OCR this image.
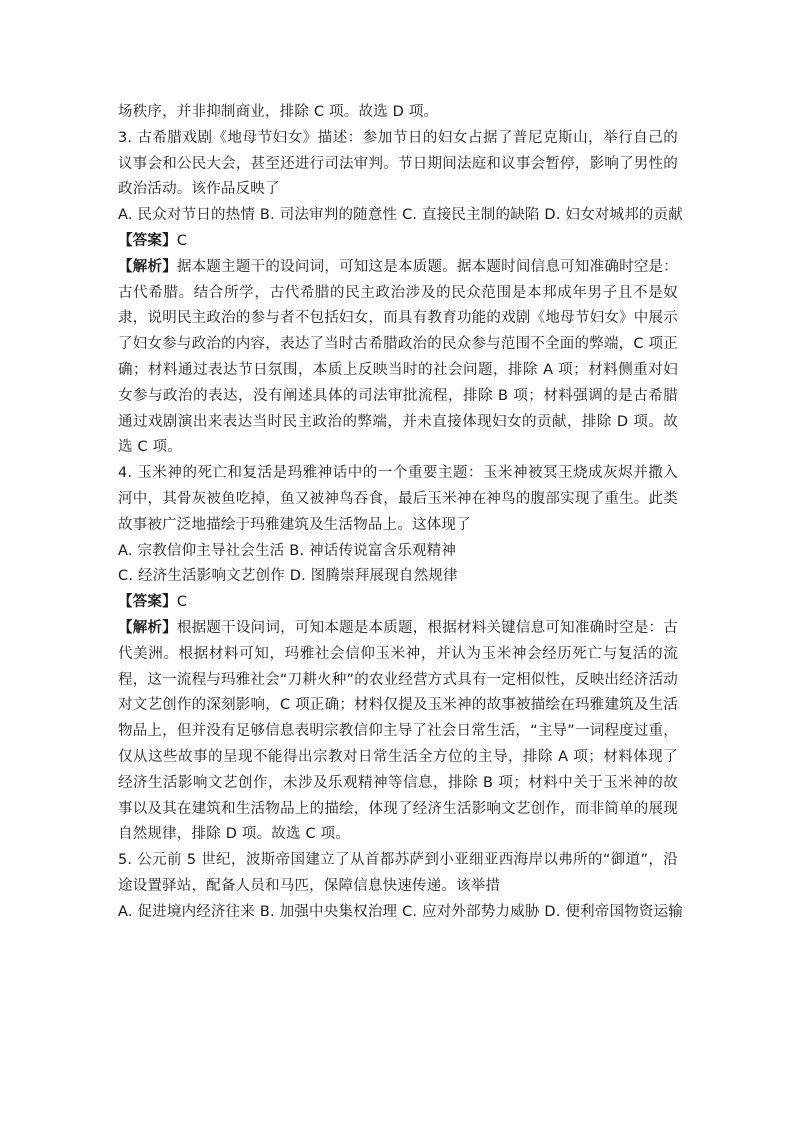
场秩序，并非抑制商业，排除 C 项。故选 D 项。

3. 古希腊戏剧《地母节妇女》描述：参加节日的妇女占据了普尼克斯山，举行自己的议事会和公民大会，甚至还进行司法审判。节日期间法庭和议事会暂停，影响了男性的政治活动。该作品反映了

A. 民众对节日的热情 B. 司法审判的随意性 C. 直接民主制的缺陷 D. 妇女对城邦的贡献

【答案】C

【解析】据本题主题干的设问词，可知这是本质题。据本题时间信息可知准确时空是：古代希腊。结合所学，古代希腊的民主政治涉及的民众范围是本邦成年男子且不是奴隶，说明民主政治的参与者不包括妇女，而具有教育功能的戏剧《地母节妇女》中展示了妇女参与政治的内容，表达了当时古希腊政治的民众参与范围不全面的弊端，C 项正确；材料通过表达节日氛围，本质上反映当时的社会问题，排除 A 项；材料侧重对妇女参与政治的表达，没有阐述具体的司法审批流程，排除 B 项；材料强调的是古希腊通过戏剧演出来表达当时民主政治的弊端，并未直接体现妇女的贡献，排除 D 项。故选 C 项。

4. 玉米神的死亡和复活是玛雅神话中的一个重要主题：玉米神被冥王烧成灰烬并撒入河中，其骨灰被鱼吃掉，鱼又被神鸟吞食，最后玉米神在神鸟的腹部实现了重生。此类故事被广泛地描绘于玛雅建筑及生活物品上。这体现了

A. 宗教信仰主导社会生活 B. 神话传说富含乐观精神

C. 经济生活影响文艺创作 D. 图腾崇拜展现自然规律

【答案】C

【解析】根据题干设问词，可知本题是本质题，根据材料关键信息可知准确时空是：古代美洲。根据材料可知，玛雅社会信仰玉米神，并认为玉米神会经历死亡与复活的流程，这一流程与玛雅社会“刀耕火种”的农业经营方式具有一定相似性，反映出经济活动对文艺创作的深刻影响，C 项正确；材料仅提及玉米神的故事被描绘在玛雅建筑及生活物品上，但并没有足够信息表明宗教信仰主导了社会日常生活，“主导”一词程度过重，仅从这些故事的呈现不能得出宗教对日常生活全方位的主导，排除 A 项；材料体现了经济生活影响文艺创作，未涉及乐观精神等信息，排除 B 项；材料中关于玉米神的故事以及其在建筑和生活物品上的描绘，体现了经济生活影响文艺创作，而非简单的展现自然规律，排除 D 项。故选 C 项。

5. 公元前 5 世纪，波斯帝国建立了从首都苏萨到小亚细亚西海岸以弗所的“御道”，沿途设置驿站，配备人员和马匹，保障信息快速传递。该举措

A. 促进境内经济往来 B. 加强中央集权治理 C. 应对外部势力威胁 D. 便利帝国物资运输
